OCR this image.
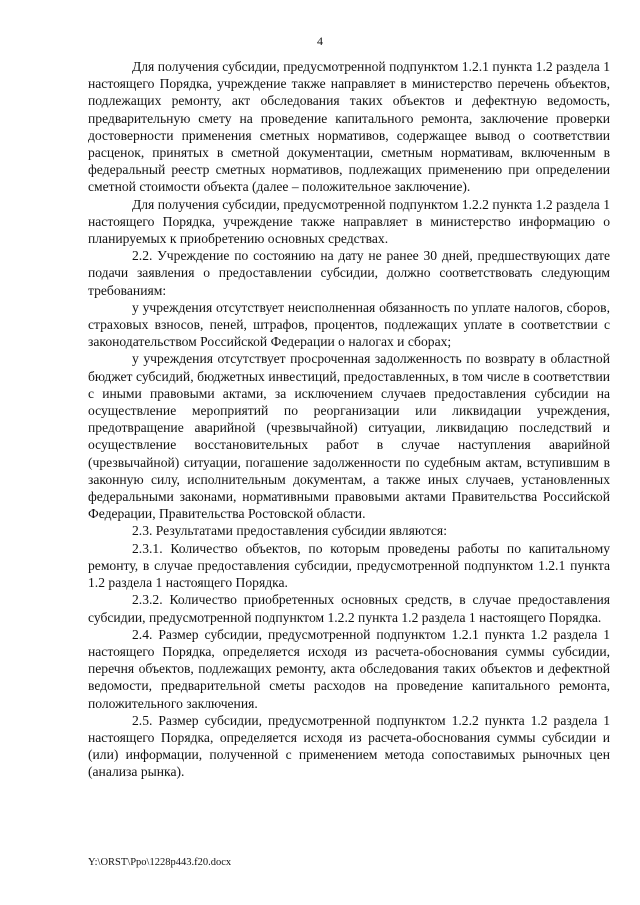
4

Для получения субсидии, предусмотренной подпунктом 1.2.1 пункта 1.2 раздела 1 настоящего Порядка, учреждение также направляет в министерство перечень объектов, подлежащих ремонту, акт обследования таких объектов и дефектную ведомость, предварительную смету на проведение капитального ремонта, заключение проверки достоверности применения сметных нормативов, содержащее вывод о соответствии расценок, принятых в сметной документации, сметным нормативам, включенным в федеральный реестр сметных нормативов, подлежащих применению при определении сметной стоимости объекта (далее – положительное заключение).

Для получения субсидии, предусмотренной подпунктом 1.2.2 пункта 1.2 раздела 1 настоящего Порядка, учреждение также направляет в министерство информацию о планируемых к приобретению основных средствах.

2.2. Учреждение по состоянию на дату не ранее 30 дней, предшествующих дате подачи заявления о предоставлении субсидии, должно соответствовать следующим требованиям:

у учреждения отсутствует неисполненная обязанность по уплате налогов, сборов, страховых взносов, пеней, штрафов, процентов, подлежащих уплате в соответствии с законодательством Российской Федерации о налогах и сборах;

у учреждения отсутствует просроченная задолженность по возврату в областной бюджет субсидий, бюджетных инвестиций, предоставленных, в том числе в соответствии с иными правовыми актами, за исключением случаев предоставления субсидии на осуществление мероприятий по реорганизации или ликвидации учреждения, предотвращение аварийной (чрезвычайной) ситуации, ликвидацию последствий и осуществление восстановительных работ в случае наступления аварийной (чрезвычайной) ситуации, погашение задолженности по судебным актам, вступившим в законную силу, исполнительным документам, а также иных случаев, установленных федеральными законами, нормативными правовыми актами Правительства Российской Федерации, Правительства Ростовской области.

2.3. Результатами предоставления субсидии являются:

2.3.1. Количество объектов, по которым проведены работы по капитальному ремонту, в случае предоставления субсидии, предусмотренной подпунктом 1.2.1 пункта 1.2 раздела 1 настоящего Порядка.

2.3.2. Количество приобретенных основных средств, в случае предоставления субсидии, предусмотренной подпунктом 1.2.2 пункта 1.2 раздела 1 настоящего Порядка.

2.4. Размер субсидии, предусмотренной подпунктом 1.2.1 пункта 1.2 раздела 1 настоящего Порядка, определяется исходя из расчета-обоснования суммы субсидии, перечня объектов, подлежащих ремонту, акта обследования таких объектов и дефектной ведомости, предварительной сметы расходов на проведение капитального ремонта, положительного заключения.

2.5. Размер субсидии, предусмотренной подпунктом 1.2.2 пункта 1.2 раздела 1 настоящего Порядка, определяется исходя из расчета-обоснования суммы субсидии и (или) информации, полученной с применением метода сопоставимых рыночных цен (анализа рынка).

Y:\ORST\Ppo\1228p443.f20.docx
